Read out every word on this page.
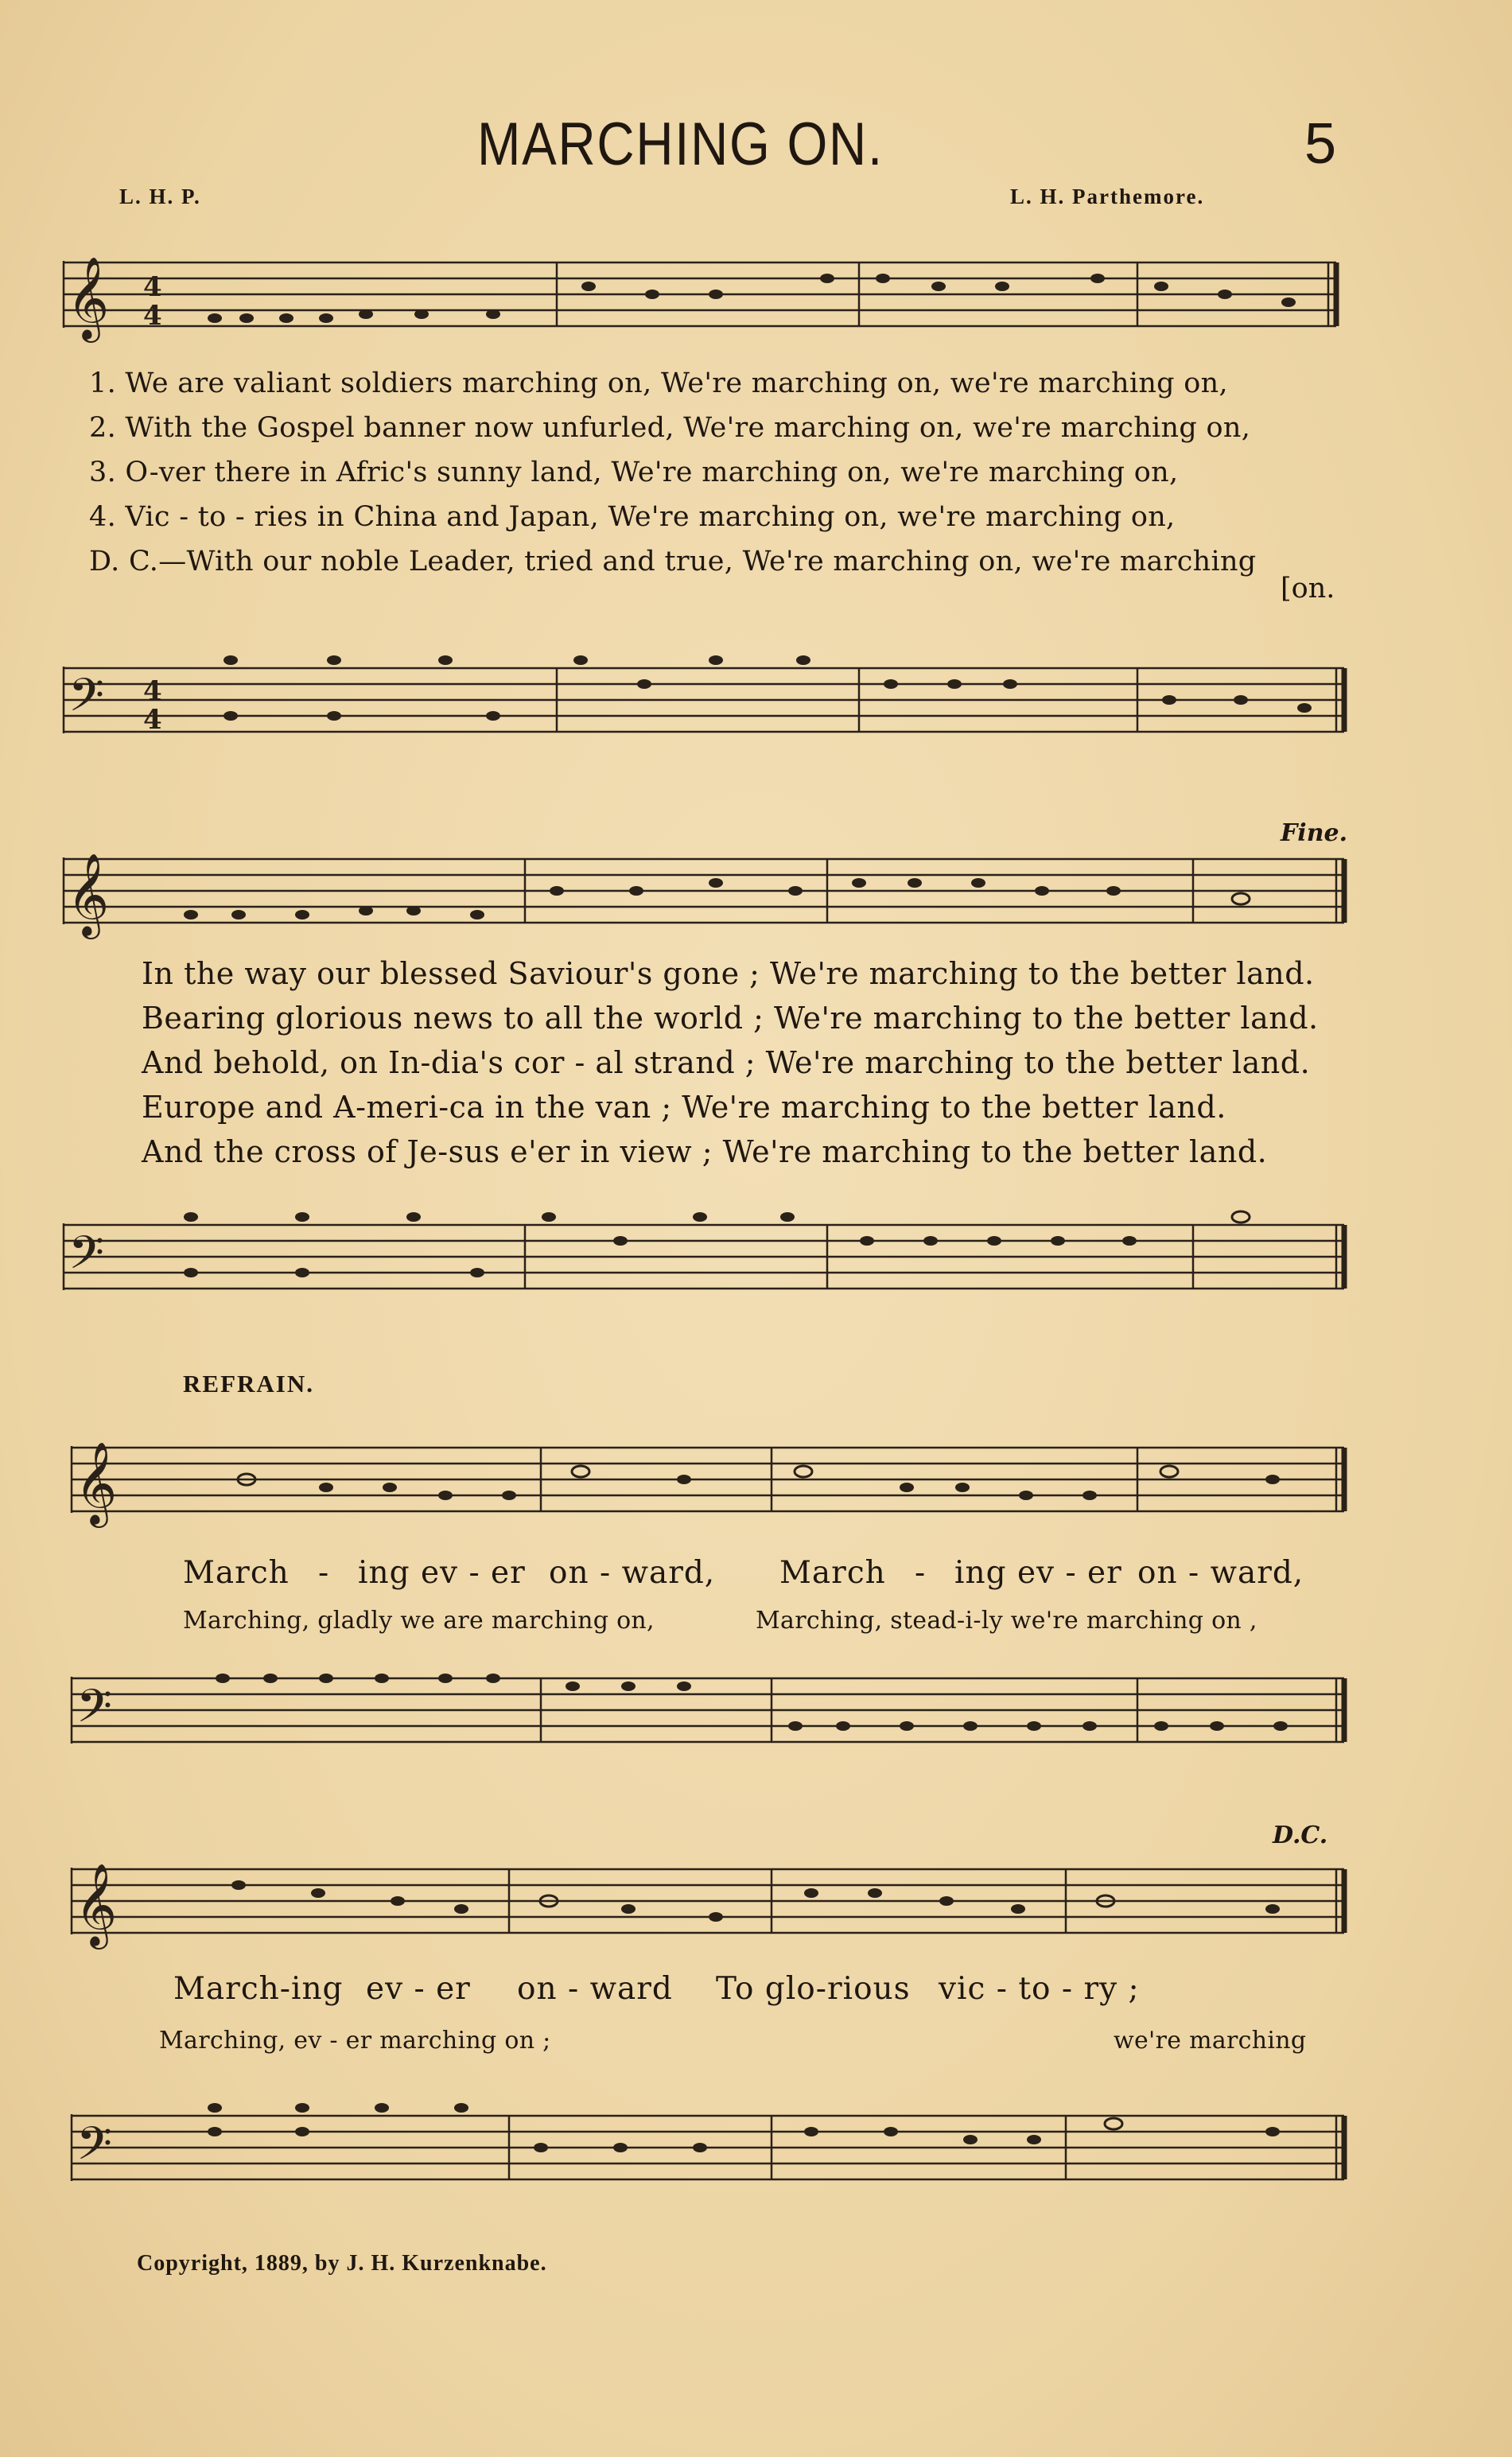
MARCHING ON.	5
L. H. P.	L. H. Parthemore.
𝄞 4
4
1. We are valiant soldiers marching on, We're marching on, we're marching on,
2. With the Gospel banner now unfurled, We're marching on, we're marching on,
3. O-ver there in Afric's sunny land, We're marching on, we're marching on,
4. Vic - to - ries in China and Japan, We're marching on, we're marching on,
D. C.—With our noble Leader, tried and true, We're marching on, we're marching
[on.
𝄢 4
4
𝄞
Fine.
In the way our blessed Saviour's gone ; We're marching to the better land.
Bearing glorious news to all the world ; We're marching to the better land.
And behold, on In-dia's cor - al strand ; We're marching to the better land.
Europe and A-meri-ca in the van ; We're marching to the better land.
And the cross of Je-sus e'er in view ; We're marching to the better land.
𝄢
REFRAIN.
𝄞
March - ing ev - er on - ward, March - ing ev - er on - ward,
Marching, gladly we are marching on,	Marching, stead-i-ly we're marching on ,
𝄢
𝄞
D.C.
March-ing ev - er on - ward To glo-rious vic - to - ry ;
Marching, ev - er marching on ;	we're marching
𝄢
Copyright, 1889, by J. H. Kurzenknabe.
